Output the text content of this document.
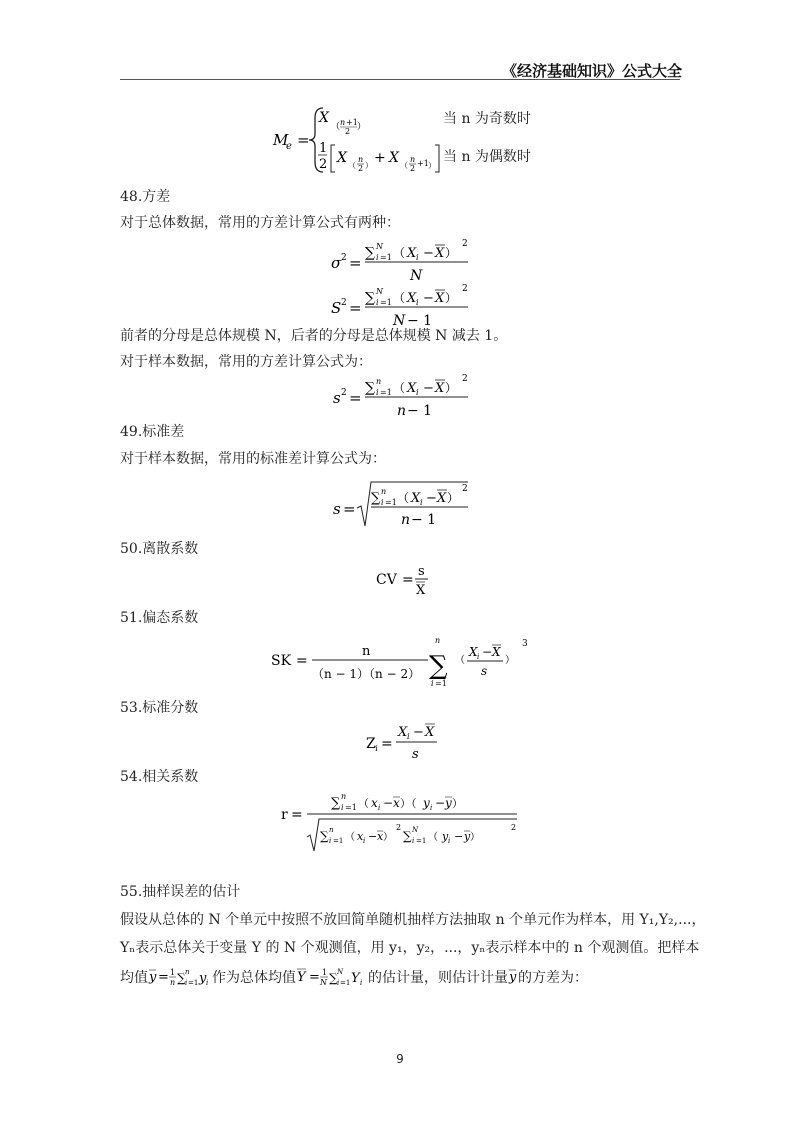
《经济基础知识》公式大全
M
e =
X
（ n +1
2 ）
1
2 X （
n
2 ） + X （
n
2
+1 ）
当 n 为奇数时
当 n 为偶数时
48.方差
对于总体数据，常用的方差计算公式有两种：
σ 2 =
∑ N
i =1 （ X i − X ）
2
N
S 2 =
∑ N
i =1 （ X i − X ）
2
N − 1
前者的分母是总体规模 N，后者的分母是总体规模 N 减去 1。
对于样本数据，常用的方差计算公式为：
s 2 =
∑ n
i =1 （ X i − X ）
2
n − 1
49.标准差
对于样本数据，常用的标准差计算公式为：
s =
∑ n
i =1 （ X i − X ）
2
n − 1
50.离散系数
CV =
s
X
51.偏态系数
SK =
n
（n − 1）（n − 2） ∑
n
i =1
（
X i − X
s
）
3
53.标准分数
Z i =
X i − X
s
54.相关系数
r =
∑ n
i =1 （ x i − x ）（ y i − y ）
∑ n
i =1 （ x i − x ）
2
∑ N
i =1 （ y i − y ）
2
55.抽样误差的估计
假设从总体的 N 个单元中按照不放回简单随机抽样方法抽取 n 个单元作为样本，用 Y₁,Y₂,...，
Yₙ表示总体关于变量 Y 的 N 个观测值，用 y₁，y₂，...，yₙ表示样本中的 n 个观测值。把样本
均值 y = 1
n ∑ n
i =1 y i 作为总体均值 Y = 1
N ∑ N
i =1 Y i 的估计量，则估计计量 y 的方差为：
9
